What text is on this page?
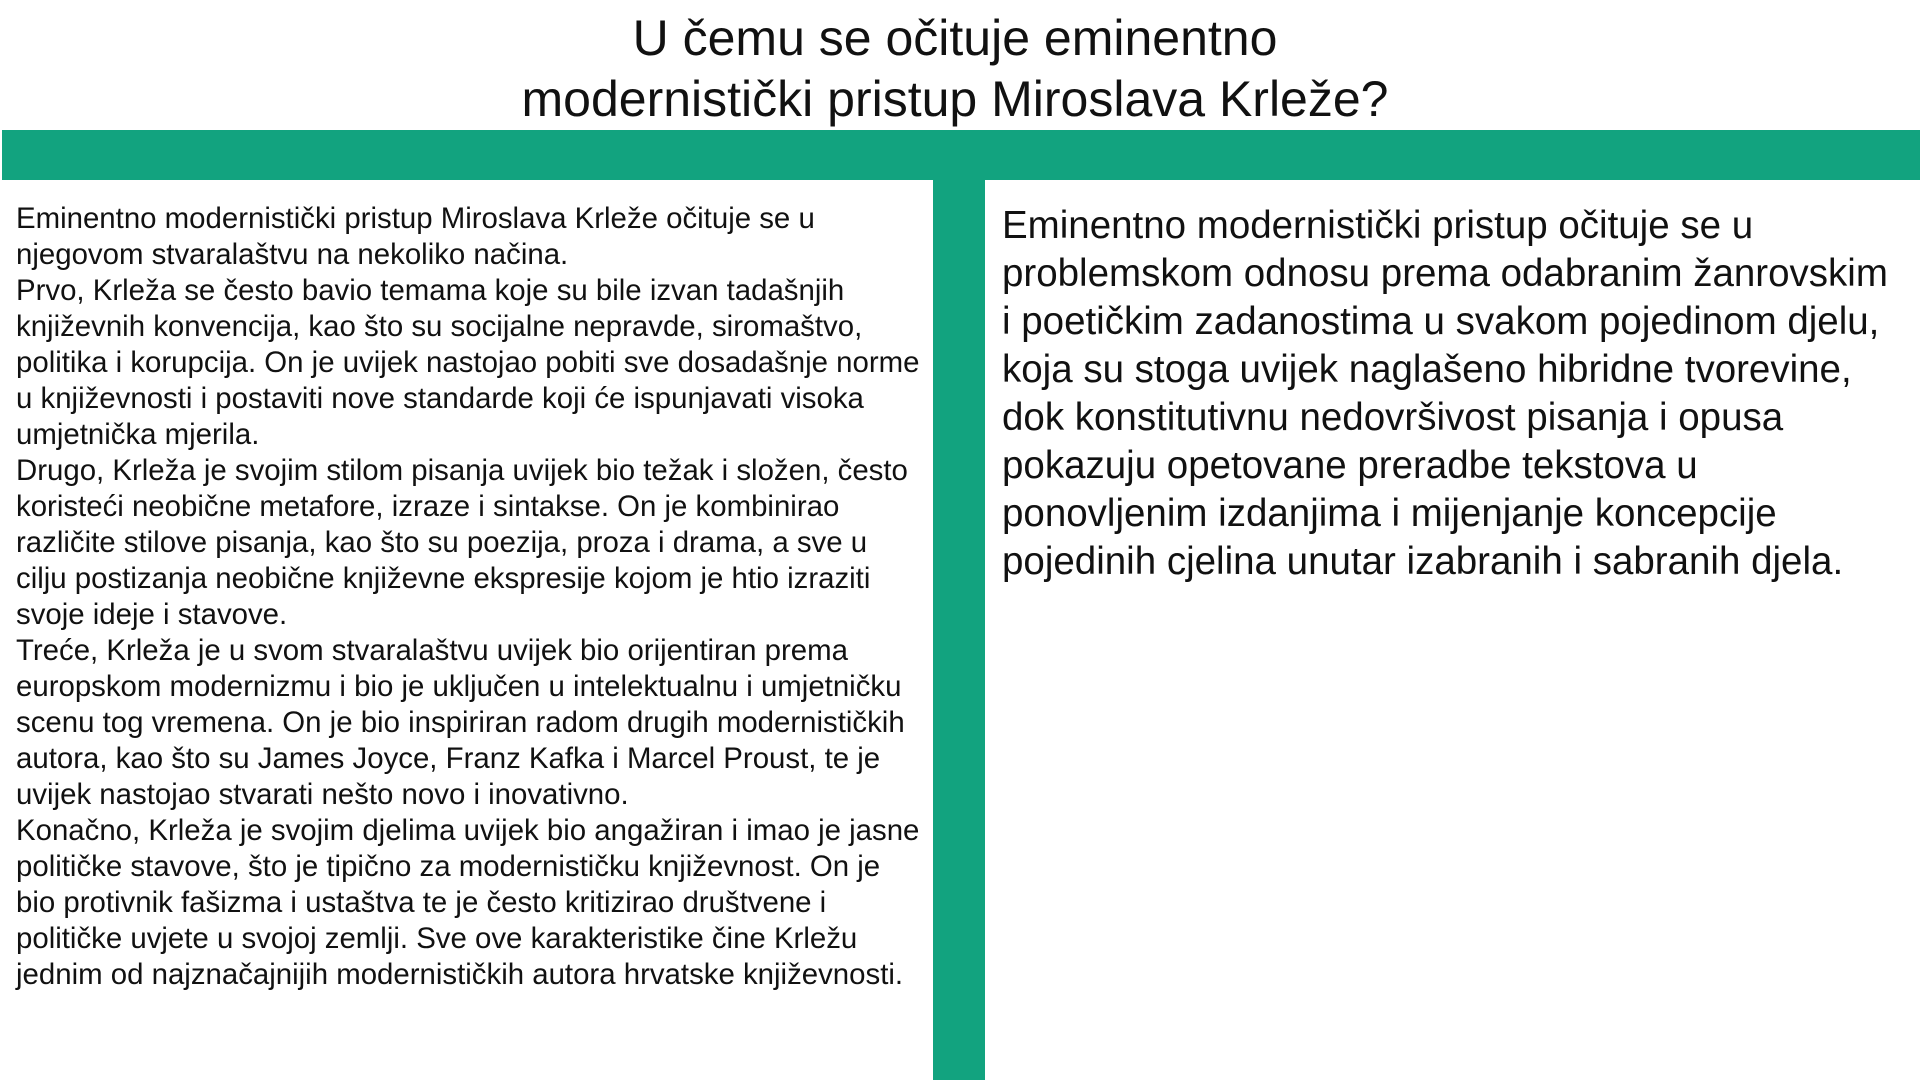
U čemu se očituje eminentno
modernistički pristup Miroslava Krleže?

Eminentno modernistički pristup Miroslava Krleže očituje se u njegovom stvaralaštvu na nekoliko načina.

Prvo, Krleža se često bavio temama koje su bile izvan tadašnjih književnih konvencija, kao što su socijalne nepravde, siromaštvo, politika i korupcija. On je uvijek nastojao pobiti sve dosadašnje norme u književnosti i postaviti nove standarde koji će ispunjavati visoka umjetnička mjerila.

Drugo, Krleža je svojim stilom pisanja uvijek bio težak i složen, često koristeći neobične metafore, izraze i sintakse. On je kombinirao različite stilove pisanja, kao što su poezija, proza i drama, a sve u cilju postizanja neobične književne ekspresije kojom je htio izraziti svoje ideje i stavove.

Treće, Krleža je u svom stvaralaštvu uvijek bio orijentiran prema europskom modernizmu i bio je uključen u intelektualnu i umjetničku scenu tog vremena. On je bio inspiriran radom drugih modernističkih autora, kao što su James Joyce, Franz Kafka i Marcel Proust, te je uvijek nastojao stvarati nešto novo i inovativno.

Konačno, Krleža je svojim djelima uvijek bio angažiran i imao je jasne političke stavove, što je tipično za modernističku književnost. On je bio protivnik fašizma i ustaštva te je često kritizirao društvene i političke uvjete u svojoj zemlji. Sve ove karakteristike čine Krležu jednim od najznačajnijih modernističkih autora hrvatske književnosti.

Eminentno modernistički pristup očituje se u problemskom odnosu prema odabranim žanrovskim i poetičkim zadanostima u svakom pojedinom djelu, koja su stoga uvijek naglašeno hibridne tvorevine, dok konstitutivnu nedovršivost pisanja i opusa pokazuju opetovane preradbe tekstova u ponovljenim izdanjima i mijenjanje koncepcije pojedinih cjelina unutar izabranih i sabranih djela.
